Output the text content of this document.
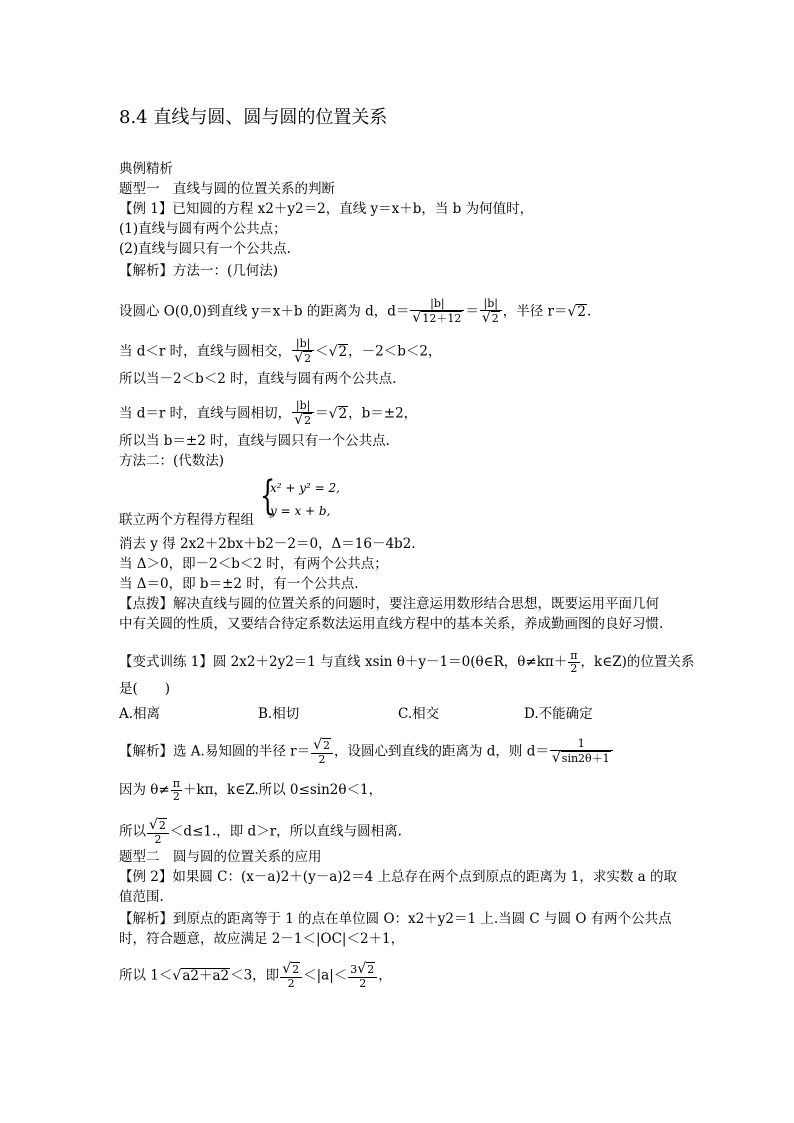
8.4 直线与圆、圆与圆的位置关系
典例精析
题型一　直线与圆的位置关系的判断
【例 1】已知圆的方程 x2＋y2＝2，直线 y＝x＋b，当 b 为何值时，
(1)直线与圆有两个公共点；
(2)直线与圆只有一个公共点.
【解析】方法一：(几何法)
设圆心 O(0,0)到直线 y＝x＋b 的距离为 d，$d= \frac{|b|}{√12+12} = \frac{|b|}{√2}$ ，半径 r＝√2.
当 d＜r 时，直线与圆相交， $\frac{|b|}{√2} <√2$，－2＜b＜2，
所以当－2＜b＜2 时，直线与圆有两个公共点.
当 d＝r 时，直线与圆相切， $\frac{|b|}{√2} =√2$，b＝±2，
所以当 b＝±2 时，直线与圆只有一个公共点.
方法二：(代数法)
{
x² + y² = 2,
y = x + b,
联立两个方程得方程组
消去 y 得 2x2＋2bx＋b2－2＝0，Δ＝16－4b2.
当 Δ＞0，即－2＜b＜2 时，有两个公共点；
当 Δ＝0，即 b＝±2 时，有一个公共点.
【点拨】解决直线与圆的位置关系的问题时，要注意运用数形结合思想，既要运用平面几何
中有关圆的性质，又要结合待定系数法运用直线方程中的基本关系，养成勤画图的良好习惯.
【变式训练 1】圆 2x2＋2y2＝1 与直线 xsin θ＋y－1＝0(θ∈R，$\theta\ne k\pi+ \frac{\pi}{2}$ ，k∈Z)的位置关系
是(　　)
A.相离	B.相切	C.相交	D.不能确定
【解析】选 A.易知圆的半径 $r= \frac{√2}{2}$ ，设圆心到直线的距离为 d，则 $d= \frac{1}{√\sin 2\theta+1}$
因为 $\theta\ne \frac{\pi}{2} +k\pi$，k∈Z.所以 0≤sin2θ＜1，
所以 $\frac{√2}{2} <d\le 1$.，即 d＞r，所以直线与圆相离.
题型二　圆与圆的位置关系的应用
【例 2】如果圆 C：(x－a)2＋(y－a)2＝4 上总存在两个点到原点的距离为 1，求实数 a 的取
值范围.
【解析】到原点的距离等于 1 的点在单位圆 O：x2＋y2＝1 上.当圆 C 与圆 O 有两个公共点
时，符合题意，故应满足 2－1＜|OC|＜2＋1，
所以 1＜√a2＋a2＜3，即 $\frac{√2}{2} <|a|< \frac{3√2}{2}$ ，
